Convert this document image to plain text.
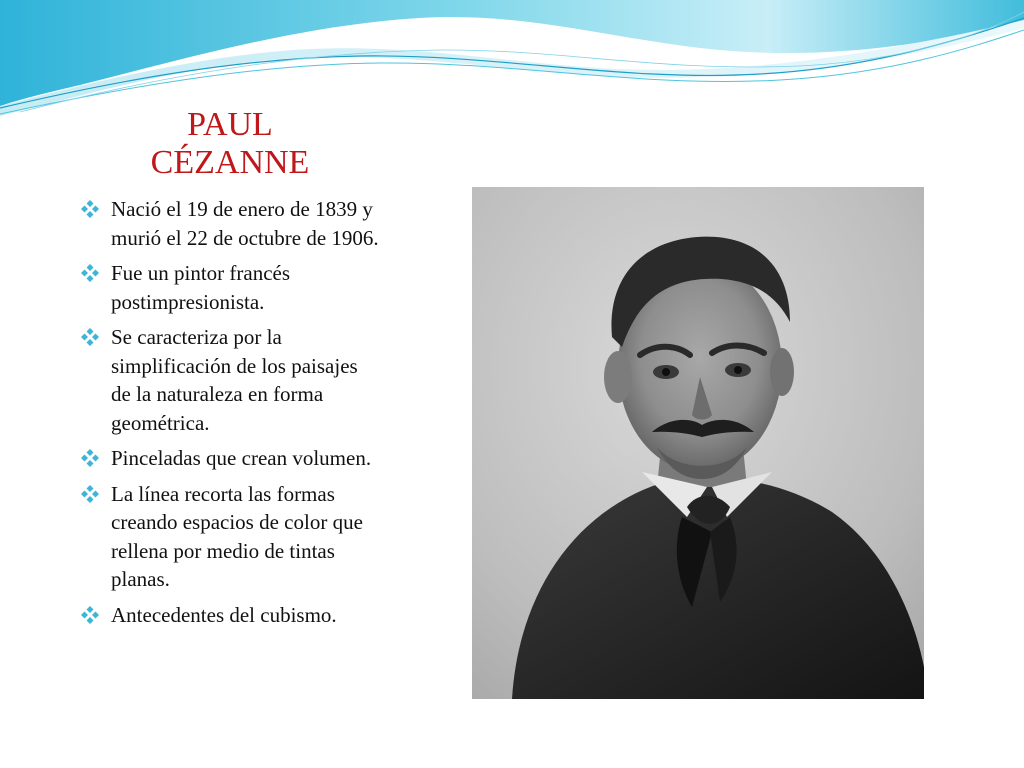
PAUL
CÉZANNE
Nació el 19 de enero de 1839 y murió el 22 de octubre de 1906.
Fue un pintor francés postimpresionista.
Se caracteriza por la simplificación de los paisajes de la naturaleza en forma geométrica.
Pinceladas que crean volumen.
La línea recorta las formas creando espacios de color que rellena por medio de tintas planas.
Antecedentes del cubismo.
